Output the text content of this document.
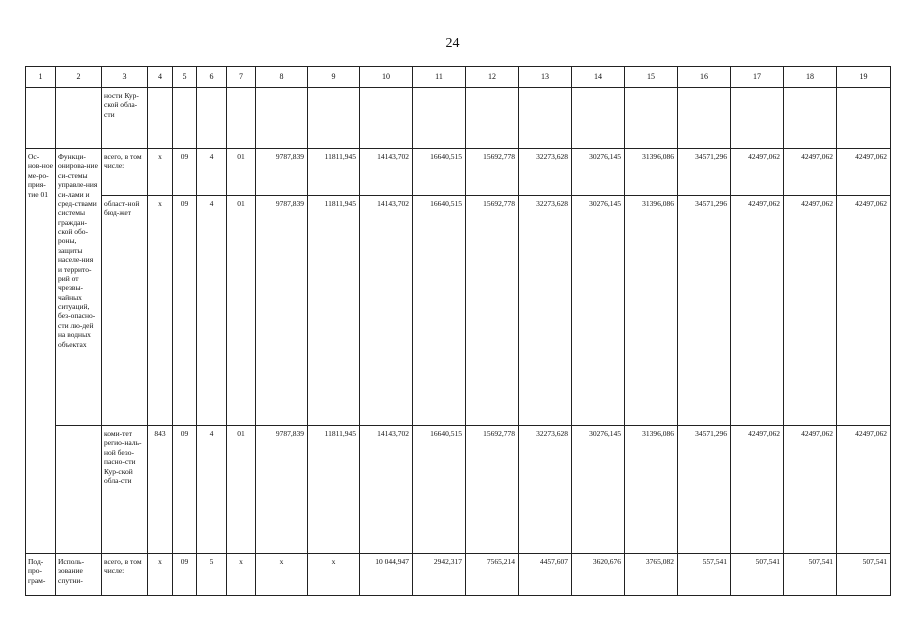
24
1	2	3	4	5	6	7	8	9	10	11	12	13	14	15	16	17	18	19
		ности Кур-ской обла-сти																
Ос-нов-ное ме-ро-прия-тие 01	Функци-онирова-ние си-стемы управле-ния си-лами и сред-ствами системы граждан-ской обо-роны, защиты населе-ния и террито-рий от чрезвы-чайных ситуаций, без-опасно-сти лю-дей на водных объектах	всего, в том числе:	х	09	4	01	9787,839	11811,945	14143,702	16640,515	15692,778	32273,628	30276,145	31396,086	34571,296	42497,062	42497,062	42497,062
		област-ной бюд-жет	х	09	4	01	9787,839	11811,945	14143,702	16640,515	15692,778	32273,628	30276,145	31396,086	34571,296	42497,062	42497,062	42497,062
		коми-тет регио-наль-ной безо-пасно-сти Кур-ской обла-сти	843	09	4	01	9787,839	11811,945	14143,702	16640,515	15692,778	32273,628	30276,145	31396,086	34571,296	42497,062	42497,062	42497,062
Под-про-грам-	Исполь-зование спутни-	всего, в том числе:	х	09	5	х	х	х	10 044,947	2942,317	7565,214	4457,607	3620,676	3765,082	557,541	507,541	507,541	507,541
